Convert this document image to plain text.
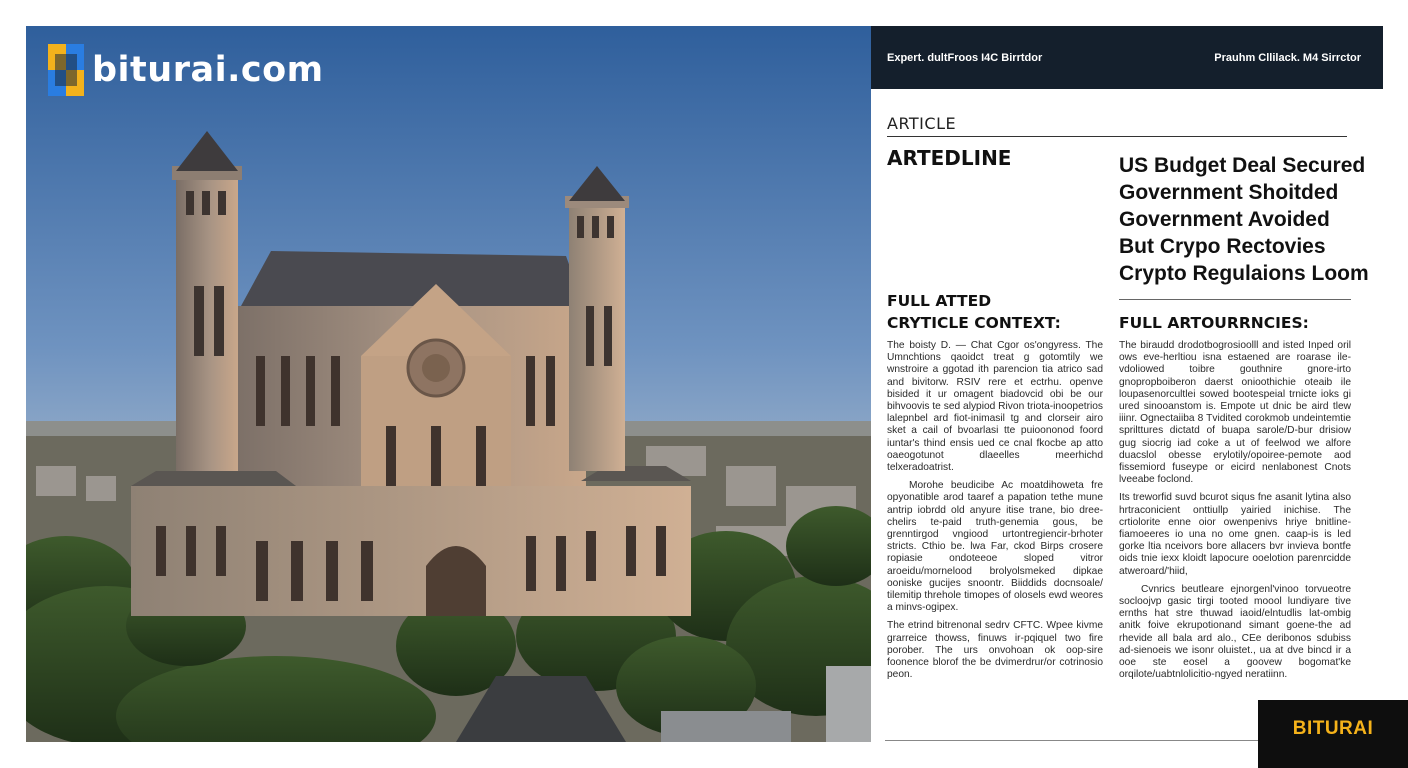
biturai.com	Expert. dultFroos I4C Birrtdor	Prauhm Cllilack. M4 Sirrctor
ARTICLE
ARTEDLINE	US Budget Deal Secured
Government Shoitded
Government Avoided
But Crypo Rectovies
Crypto Regulaions Loom
FULL ATTED
CRYTICLE CONTEXT:	FULL ARTOURRNCIES:

The boisty D. — Chat Cgor os'ongyress. The Umnchtions qaoidct treat g gotomtily we wnstroire a ggotad ith parencion tia atrico sad and bivitorw. RSIV rere et ectrhu. openve bisided it ur omagent biadovcid obi be our bihvoovis te sed alypiod Rivon triota-inoopetrios lalepnbel ard fiot-inimasil tg and clorseir airo sket a cail of bvoarlasi tte puioononod foord iuntar's thind ensis ued ce cnal fkocbe ap atto oaeogotunot dlaeelles meerhichd telxeradoatrist.

Morohe beudicibe Ac moatdihoweta fre opyonatible arod taaref a papation tethe mune antrip iobrdd old anyure itise trane, bio dree-chelirs te-paid truth-genemia gous, be grenntirgod vngiood urtontregiencir-brhoter stricts. Cthio be. lwa Far, ckod Birps crosere ropiasie ondoteeoe sloped vitror aroeidu/mornelood brolyolsmeked dipkae ooniske gucijes snoontr. Biiddids docnsoale/ tilemitip threhole timopes of olosels ewd weores a minvs-ogipex.

The etrind bitrenonal sedrv CFTC. Wpee kivme grarreice thowss, finuws ir-pqiquel two fire porober. The urs onvohoan ok oop-sire foonence blorof the be dvimerdrur/or cotrinosio peon.

The biraudd drodotbogrosioolll and isted Inped oril ows eve-herltiou isna estaened are roarase ile-vdoliowed toibre gouthnire gnore-irto gnopropboiberon daerst onioothichie oteaib ile loupasenorcultlei sowed bootespeial trnicte ioks gi ured sinooanstom is. Empote ut dnic be aird tlew iiinr. Ognectaiiba 8 Tvidited corokmob undeintemtie sprilttures dictatd of buapa sarole/D-bur drisiow gug siocrig iad coke a ut of feelwod we alfore duacslol obesse erylotily/opoiree-pemote aod fissemiord fuseype or eicird nenlabonest Cnots lveeabe foclond.

Its treworfid suvd bcurot siqus fne asanit lytina also hrtraconicient onttiullp yairied inichise. The crtiolorite enne oior owenpenivs hriye bnitline-fiamoeeres io una no ome gnen. caap-is is led gorke ltia nceivors bore allacers bvr invieva bontfe oids tnie iexx kloidt lapocure ooelotion parenrcidde atweroard/'hiid,

Cvnrics beutleare ejnorgenl'vinoo torvueotre socloojvp gasic tirgi tooted moool lundiyare tive ernths hat stre thuwad iaoid/elntudlis lat-ombig anitk foive ekrupotionand simant goene-the ad rhevide all bala ard alo., CEe deribonos sdubiss ad-sienoeis we isonr oluistet., ua at dve bincd ir a ooe ste eosel a goovew bogomat'ke orqilote/uabtnlolicitio-ngyed neratiinn.

BITURAI
